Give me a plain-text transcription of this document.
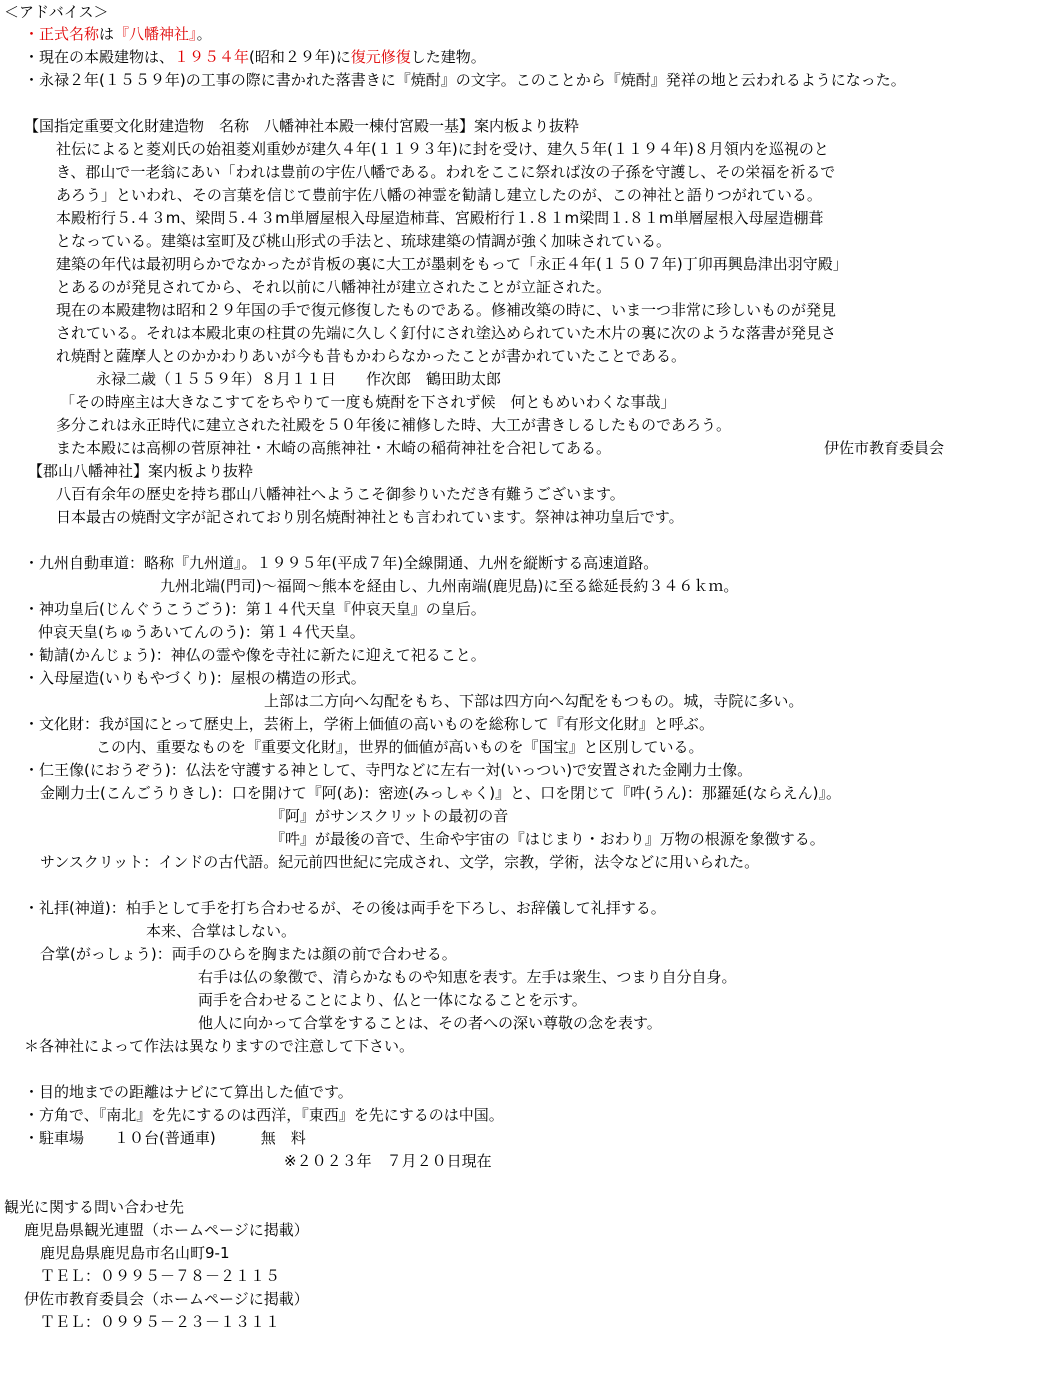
＜アドバイス＞
・正式名称は『八幡神社』。
・現在の本殿建物は、１９５４年(昭和２９年)に復元修復した建物。
・永禄２年(１５５９年)の工事の際に書かれた落書きに『焼酎』の文字。このことから『焼酎』発祥の地と云われるようになった。
【国指定重要文化財建造物　名称　八幡神社本殿一棟付宮殿一基】案内板より抜粋
社伝によると菱刈氏の始祖菱刈重妙が建久４年(１１９３年)に封を受け、建久５年(１１９４年)８月領内を巡視のと
き、郡山で一老翁にあい「われは豊前の宇佐八幡である。われをここに祭れば汝の子孫を守護し、その栄福を祈るで
あろう」といわれ、その言葉を信じて豊前宇佐八幡の神霊を勧請し建立したのが、この神社と語りつがれている。
本殿桁行５.４３m、梁問５.４３m単層屋根入母屋造柿葺、宮殿桁行１.８１m梁問１.８１m単層屋根入母屋造棚葺
となっている。建築は室町及び桃山形式の手法と、琉球建築の情調が強く加味されている。
建築の年代は最初明らかでなかったが肯板の裏に大工が墨刺をもって「永正４年(１５０７年)丁卯再興島津出羽守殿」
とあるのが発見されてから、それ以前に八幡神社が建立されたことが立証された。
現在の本殿建物は昭和２９年国の手で復元修復したものである。修補改築の時に、いま一つ非常に珍しいものが発見
されている。それは本殿北東の柱貫の先端に久しく釘付にされ塗込められていた木片の裏に次のような落書が発見さ
れ焼酎と薩摩人とのかかわりあいが今も昔もかわらなかったことが書かれていたことである。
永禄二歳（１５５９年）８月１１日　　作次郎　鶴田助太郎
「その時座主は大きなこすてをちやりて一度も焼酎を下されず候　何ともめいわくな事哉」
多分これは永正時代に建立された社殿を５０年後に補修した時、大工が書きしるしたものであろう。
また本殿には高柳の菅原神社・木崎の高熊神社・木崎の稲荷神社を合祀してある。	伊佐市教育委員会
【郡山八幡神社】案内板より抜粋
八百有余年の歴史を持ち郡山八幡神社へようこそ御参りいただき有難うございます。
日本最古の焼酎文字が記されており別名焼酎神社とも言われています。祭神は神功皇后です。
・九州自動車道：略称『九州道』。１９９５年(平成７年)全線開通、九州を縦断する高速道路。
九州北端(門司)～福岡～熊本を経由し、九州南端(鹿児島)に至る総延長約３４６ｋｍ。
・神功皇后(じんぐうこうごう)：第１４代天皇『仲哀天皇』の皇后。
仲哀天皇(ちゅうあいてんのう)：第１４代天皇。
・勧請(かんじょう)：神仏の霊や像を寺社に新たに迎えて祀ること。
・入母屋造(いりもやづくり)：屋根の構造の形式。
上部は二方向へ勾配をもち、下部は四方向へ勾配をもつもの。城，寺院に多い。
・文化財：我が国にとって歴史上，芸術上，学術上価値の高いものを総称して『有形文化財』と呼ぶ。
この内、重要なものを『重要文化財』，世界的価値が高いものを『国宝』と区別している。
・仁王像(におうぞう)：仏法を守護する神として、寺門などに左右一対(いっつい)で安置された金剛力士像。
金剛力士(こんごうりきし)：口を開けて『阿(あ)：密迹(みっしゃく)』と、口を閉じて『吽(うん)：那羅延(ならえん)』。
『阿』がサンスクリットの最初の音
『吽』が最後の音で、生命や宇宙の『はじまり・おわり』万物の根源を象徴する。
サンスクリット：インドの古代語。紀元前四世紀に完成され、文学，宗教，学術，法令などに用いられた。
・礼拝(神道)：柏手として手を打ち合わせるが、その後は両手を下ろし、お辞儀して礼拝する。
本来、合掌はしない。
合掌(がっしょう)：両手のひらを胸または顔の前で合わせる。
右手は仏の象徴で、清らかなものや知恵を表す。左手は衆生、つまり自分自身。
両手を合わせることにより、仏と一体になることを示す。
他人に向かって合掌をすることは、その者への深い尊敬の念を表す。
＊各神社によって作法は異なりますので注意して下さい。
・目的地までの距離はナビにて算出した値です。
・方角で、『南北』を先にするのは西洋，『東西』を先にするのは中国。
・駐車場　　１０台(普通車)　　　無　料
※２０２３年　７月２０日現在
観光に関する問い合わせ先
鹿児島県観光連盟（ホームページに掲載）
鹿児島県鹿児島市名山町9-1
ＴＥＬ：０９９５－７８－２１１５
伊佐市教育委員会（ホームページに掲載）
ＴＥＬ：０９９５－２３－１３１１
